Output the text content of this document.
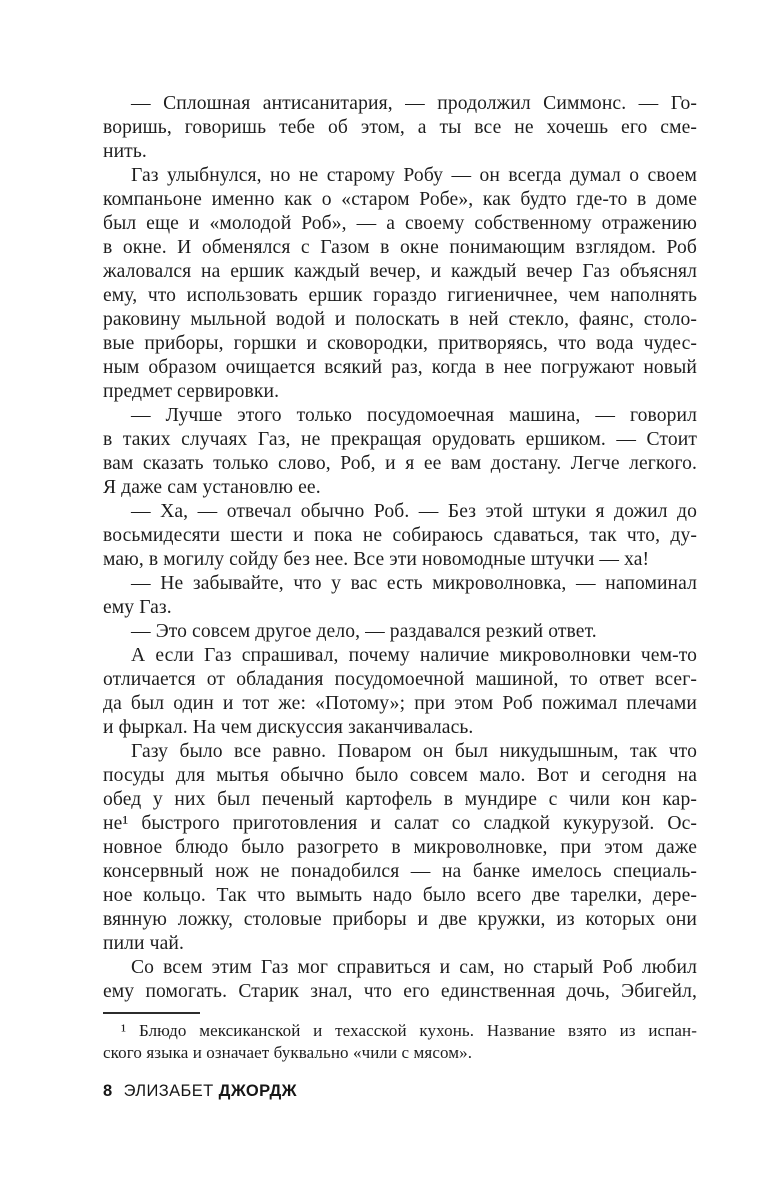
— Сплошная антисанитария, — продолжил Симмонс. — Го-
воришь, говоришь тебе об этом, а ты все не хочешь его сме-
нить.
Газ улыбнулся, но не старому Робу — он всегда думал о своем
компаньоне именно как о «старом Робе», как будто где-то в доме
был еще и «молодой Роб», — а своему собственному отражению
в окне. И обменялся с Газом в окне понимающим взглядом. Роб
жаловался на ершик каждый вечер, и каждый вечер Газ объяснял
ему, что использовать ершик гораздо гигиеничнее, чем наполнять
раковину мыльной водой и полоскать в ней стекло, фаянс, столо-
вые приборы, горшки и сковородки, притворяясь, что вода чудес-
ным образом очищается всякий раз, когда в нее погружают новый
предмет сервировки.
— Лучше этого только посудомоечная машина, — говорил
в таких случаях Газ, не прекращая орудовать ершиком. — Стоит
вам сказать только слово, Роб, и я ее вам достану. Легче легкого.
Я даже сам установлю ее.
— Ха, — отвечал обычно Роб. — Без этой штуки я дожил до
восьмидесяти шести и пока не собираюсь сдаваться, так что, ду-
маю, в могилу сойду без нее. Все эти новомодные штучки — ха!
— Не забывайте, что у вас есть микроволновка, — напоминал
ему Газ.
— Это совсем другое дело, — раздавался резкий ответ.
А если Газ спрашивал, почему наличие микроволновки чем-то
отличается от обладания посудомоечной машиной, то ответ всег-
да был один и тот же: «Потому»; при этом Роб пожимал плечами
и фыркал. На чем дискуссия заканчивалась.
Газу было все равно. Поваром он был никудышным, так что
посуды для мытья обычно было совсем мало. Вот и сегодня на
обед у них был печеный картофель в мундире с чили кон кар-
не¹ быстрого приготовления и салат со сладкой кукурузой. Ос-
новное блюдо было разогрето в микроволновке, при этом даже
консервный нож не понадобился — на банке имелось специаль-
ное кольцо. Так что вымыть надо было всего две тарелки, дере-
вянную ложку, столовые приборы и две кружки, из которых они
пили чай.
Со всем этим Газ мог справиться и сам, но старый Роб любил
ему помогать. Старик знал, что его единственная дочь, Эбигейл,
¹ Блюдо мексиканской и техасской кухонь. Название взято из испан-
ского языка и означает буквально «чили с мясом».
8 ЭЛИЗАБЕТ ДЖОРДЖ
